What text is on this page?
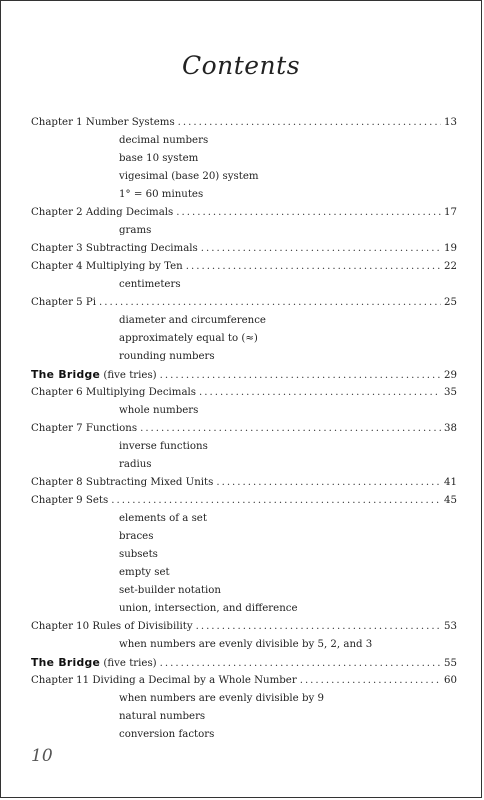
Contents
Chapter 1 Number Systems .....	13
decimal numbers
base 10 system
vigesimal (base 20) system
1° = 60 minutes
Chapter 2 Adding Decimals .....	17
grams
Chapter 3 Subtracting Decimals .....	19
Chapter 4 Multiplying by Ten .....	22
centimeters
Chapter 5 Pi .....	25
diameter and circumference
approximately equal to (≈)
rounding numbers
The Bridge (five tries) .....	29
Chapter 6 Multiplying Decimals .....	35
whole numbers
Chapter 7 Functions .....	38
inverse functions
radius
Chapter 8 Subtracting Mixed Units .....	41
Chapter 9 Sets .....	45
elements of a set
braces
subsets
empty set
set-builder notation
union, intersection, and difference
Chapter 10 Rules of Divisibility .....	53
when numbers are evenly divisible by 5, 2, and 3
The Bridge (five tries) .....	55
Chapter 11 Dividing a Decimal by a Whole Number .....	60
when numbers are evenly divisible by 9
natural numbers
conversion factors
10
